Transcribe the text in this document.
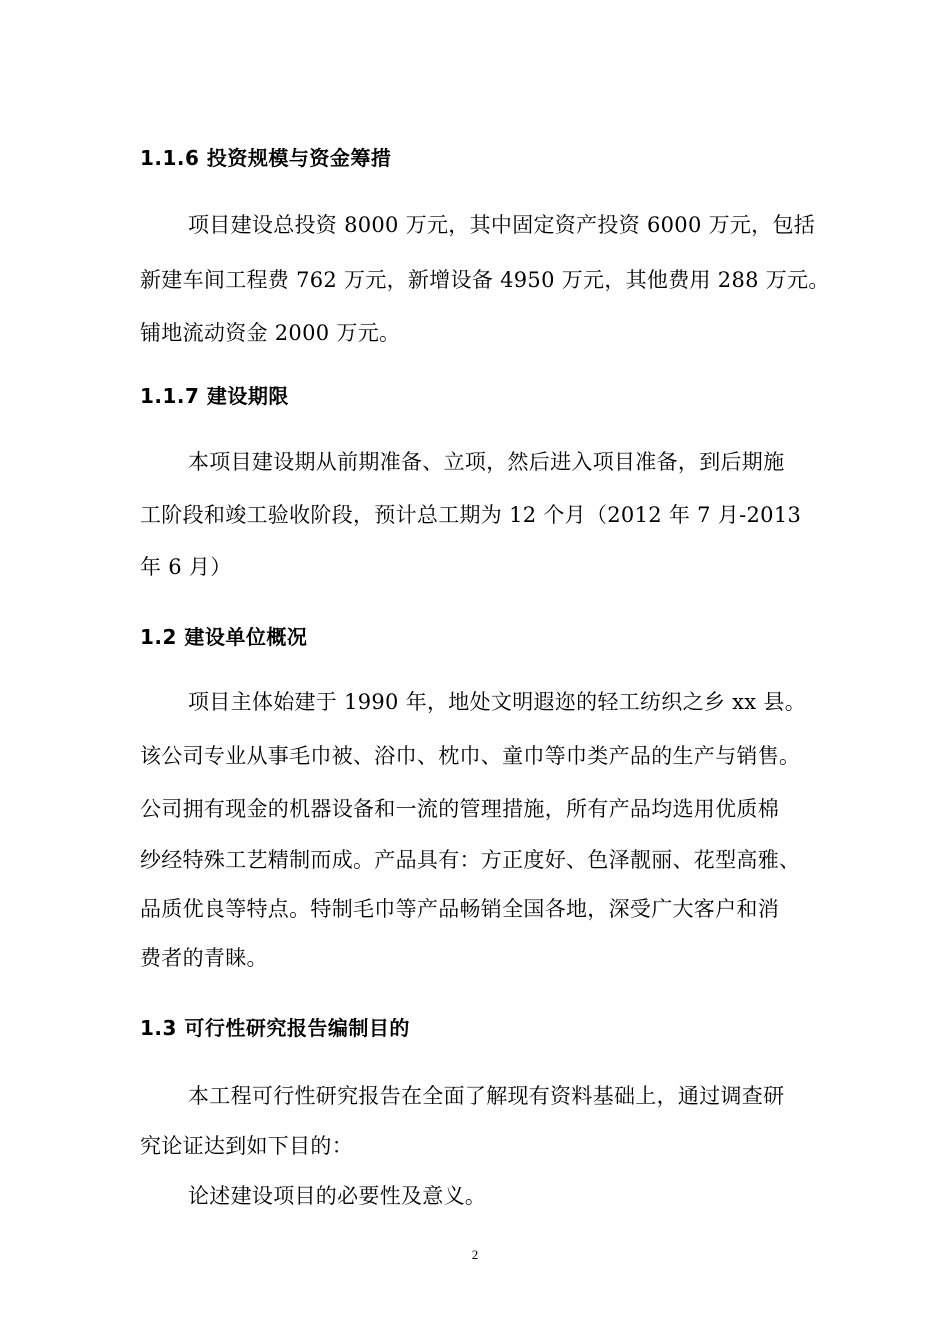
1.1.6 投资规模与资金筹措
项目建设总投资 8000 万元，其中固定资产投资 6000 万元，包括
新建车间工程费 762 万元，新增设备 4950 万元，其他费用 288 万元。
铺地流动资金 2000 万元。
1.1.7 建设期限
本项目建设期从前期准备、立项，然后进入项目准备，到后期施
工阶段和竣工验收阶段，预计总工期为 12 个月（2012 年 7 月-2013
年 6 月）
1.2 建设单位概况
项目主体始建于 1990 年，地处文明遐迩的轻工纺织之乡 xx 县。
该公司专业从事毛巾被、浴巾、枕巾、童巾等巾类产品的生产与销售。
公司拥有现金的机器设备和一流的管理措施，所有产品均选用优质棉
纱经特殊工艺精制而成。产品具有：方正度好、色泽靓丽、花型高雅、
品质优良等特点。特制毛巾等产品畅销全国各地，深受广大客户和消
费者的青睐。
1.3 可行性研究报告编制目的
本工程可行性研究报告在全面了解现有资料基础上，通过调查研
究论证达到如下目的：
论述建设项目的必要性及意义。
2
